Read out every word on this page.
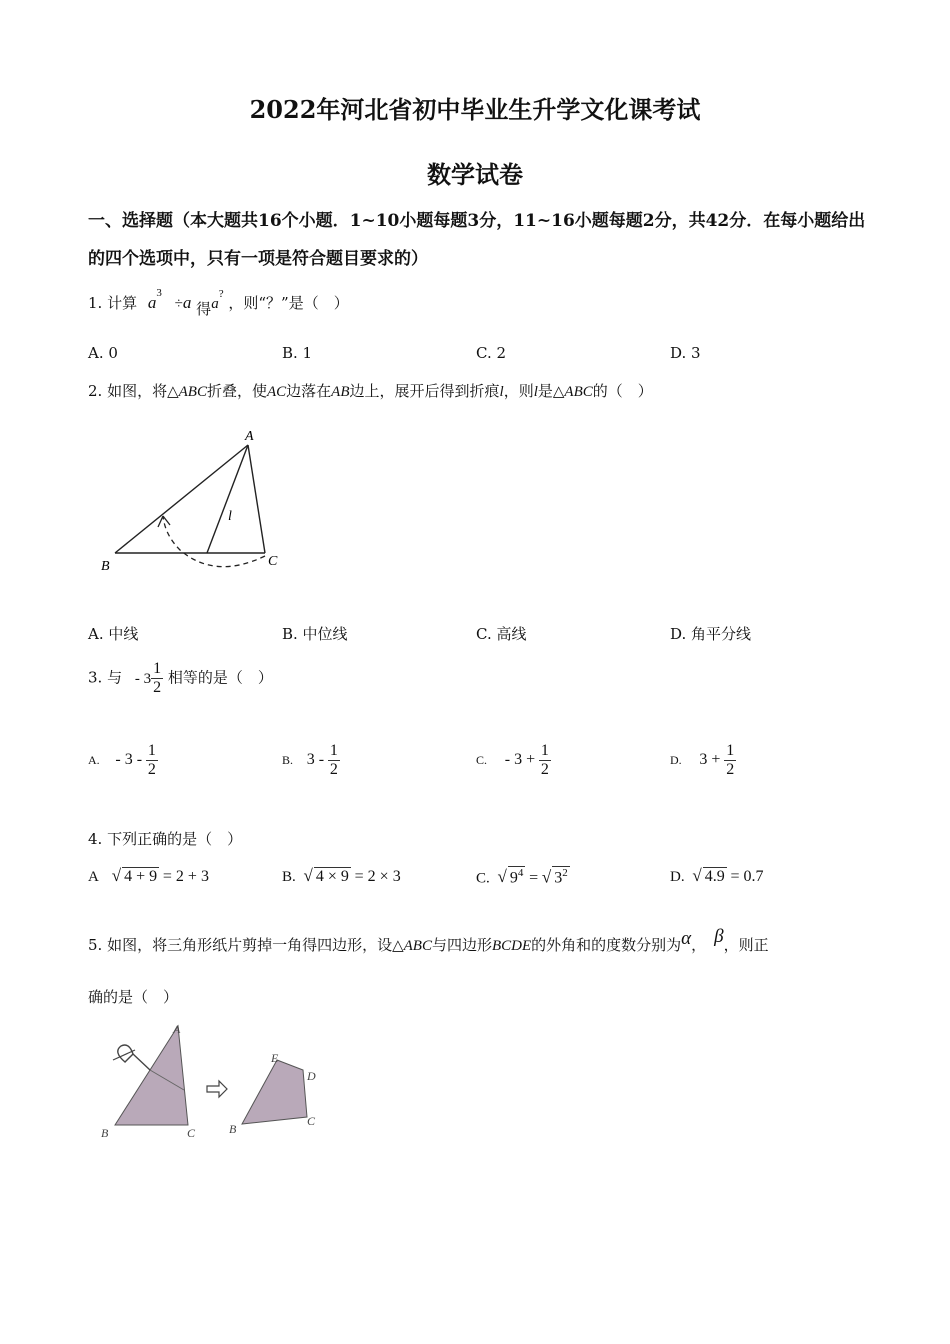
2022年河北省初中毕业生升学文化课考试
数学试卷
一、选择题（本大题共16个小题．1~10小题每题3分，11~16小题每题2分，共42分．在每小题给出的四个选项中，只有一项是符合题目要求的）
1. 计算 $a^3 \div a$ 得a? ，则“？”是（　）
A. 0	B. 1	C. 2	D. 3
2. 如图，将△ABC折叠，使AC边落在AB边上，展开后得到折痕l，则l是△ABC的（　）
A
B	C
l
A. 中线	B. 中位线	C. 高线	D. 角平分线
3. 与 - $3 \frac{1}{2}$ 相等的是（　）
A. - $3 - \frac{1}{2}$	B. $3 - \frac{1}{2}$	C. - $3 + \frac{1}{2}$	D. $3 + \frac{1}{2}$
4. 下列正确的是（　）
A √ 4 + 9 = 2 + 3	B. √ 4 × 9 = 2 × 3	C. √ $9^4$ = √ $3^2$	D. √ 4.9 = 0.7
5. 如图，将三角形纸片剪掉一角得四边形，设△ABC与四边形BCDE的外角和的度数分别为α， β，则正
确的是（　）
A
B	C	B
C
D
E
